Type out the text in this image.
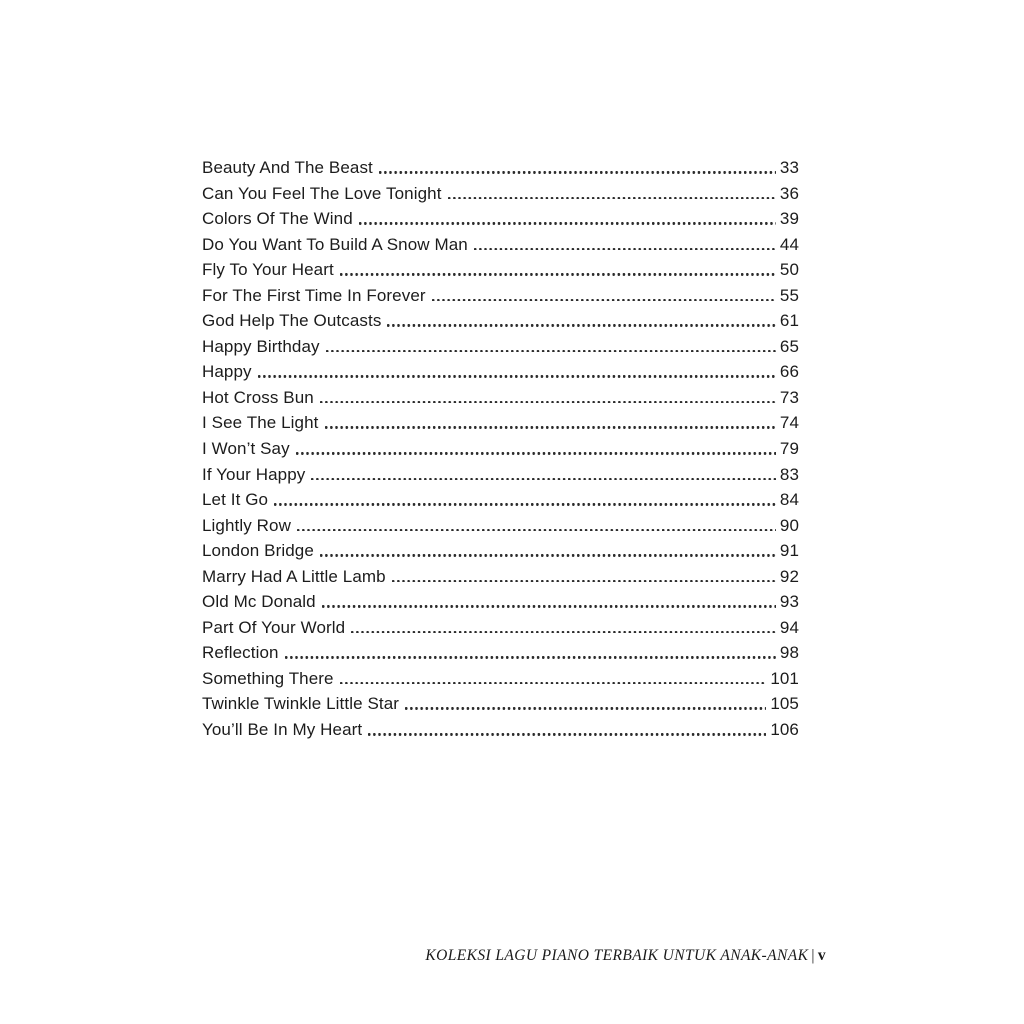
Beauty And The Beast	33
Can You Feel The Love Tonight	36
Colors Of The Wind	39
Do You Want To Build A Snow Man	44
Fly To Your Heart	50
For The First Time In Forever	55
God Help The Outcasts	61
Happy Birthday	65
Happy	66
Hot Cross Bun	73
I See The Light	74
I Won’t Say	79
If Your Happy	83
Let It Go	84
Lightly Row	90
London Bridge	91
Marry Had A Little Lamb	92
Old Mc Donald	93
Part Of Your World	94
Reflection	98
Something There	101
Twinkle Twinkle Little Star	105
You’ll Be In My Heart	106
KOLEKSI LAGU PIANO TERBAIK UNTUK ANAK-ANAK | v
